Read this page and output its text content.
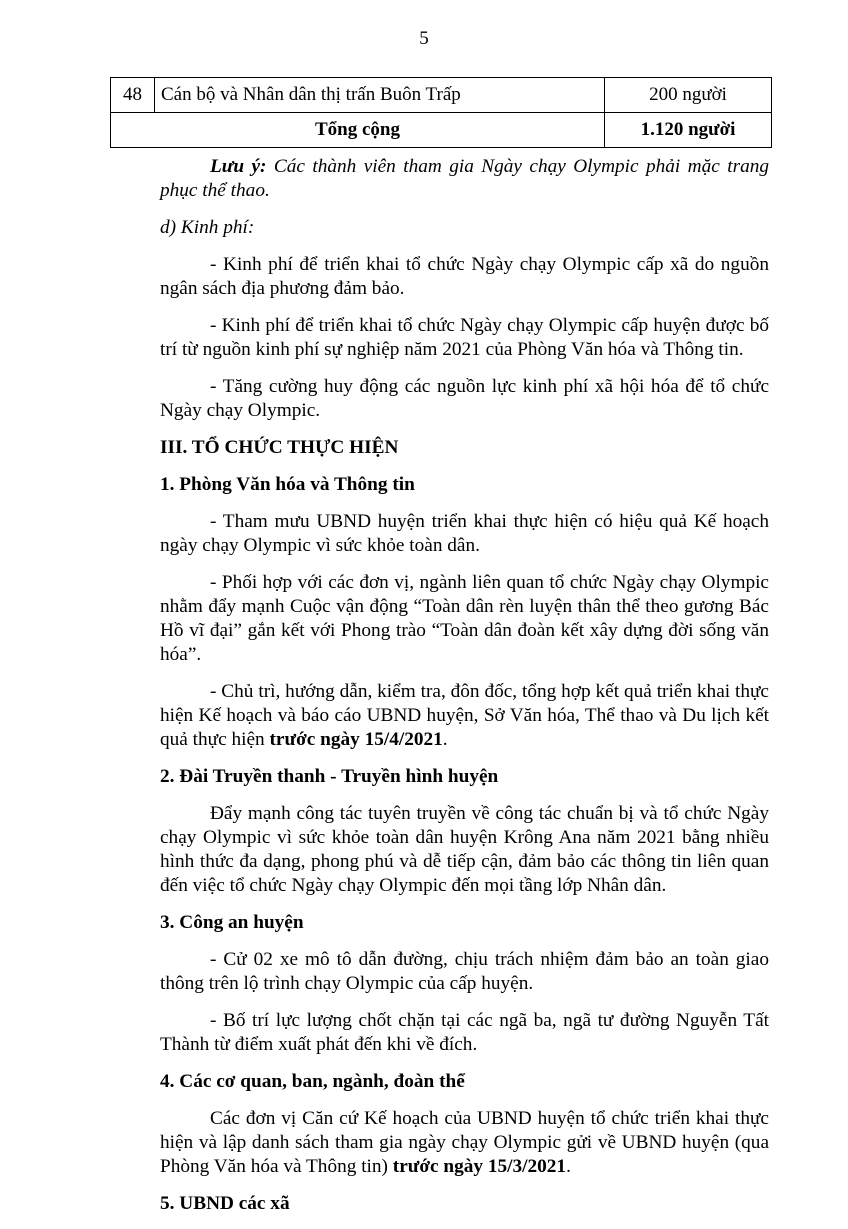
5
48	Cán bộ và Nhân dân thị trấn Buôn Trấp	200 người
Tổng cộng		1.120 người

Lưu ý: Các thành viên tham gia Ngày chạy Olympic phải mặc trang phục thể thao.

d) Kinh phí:

- Kinh phí để triển khai tổ chức Ngày chạy Olympic cấp xã do nguồn ngân sách địa phương đảm bảo.

- Kinh phí để triển khai tổ chức Ngày chạy Olympic cấp huyện được bố trí từ nguồn kinh phí sự nghiệp năm 2021 của Phòng Văn hóa và Thông tin.

- Tăng cường huy động các nguồn lực kinh phí xã hội hóa để tổ chức Ngày chạy Olympic.

III. TỔ CHỨC THỰC HIỆN

1. Phòng Văn hóa và Thông tin

- Tham mưu UBND huyện triển khai thực hiện có hiệu quả Kế hoạch ngày chạy Olympic vì sức khỏe toàn dân.

- Phối hợp với các đơn vị, ngành liên quan tổ chức Ngày chạy Olympic nhằm đẩy mạnh Cuộc vận động “Toàn dân rèn luyện thân thể theo gương Bác Hồ vĩ đại” gắn kết với Phong trào “Toàn dân đoàn kết xây dựng đời sống văn hóa”.

- Chủ trì, hướng dẫn, kiểm tra, đôn đốc, tổng hợp kết quả triển khai thực hiện Kế hoạch và báo cáo UBND huyện, Sở Văn hóa, Thể thao và Du lịch kết quả thực hiện trước ngày 15/4/2021.

2. Đài Truyền thanh - Truyền hình huyện

Đẩy mạnh công tác tuyên truyền về công tác chuẩn bị và tổ chức Ngày chạy Olympic vì sức khỏe toàn dân huyện Krông Ana năm 2021 bằng nhiều hình thức đa dạng, phong phú và dễ tiếp cận, đảm bảo các thông tin liên quan đến việc tổ chức Ngày chạy Olympic đến mọi tầng lớp Nhân dân.

3. Công an huyện

- Cử 02 xe mô tô dẫn đường, chịu trách nhiệm đảm bảo an toàn giao thông trên lộ trình chạy Olympic của cấp huyện.

- Bố trí lực lượng chốt chặn tại các ngã ba, ngã tư đường Nguyễn Tất Thành từ điểm xuất phát đến khi về đích.

4. Các cơ quan, ban, ngành, đoàn thể

Các đơn vị Căn cứ Kế hoạch của UBND huyện tổ chức triển khai thực hiện và lập danh sách tham gia ngày chạy Olympic gửi về UBND huyện (qua Phòng Văn hóa và Thông tin) trước ngày 15/3/2021.

5. UBND các xã
